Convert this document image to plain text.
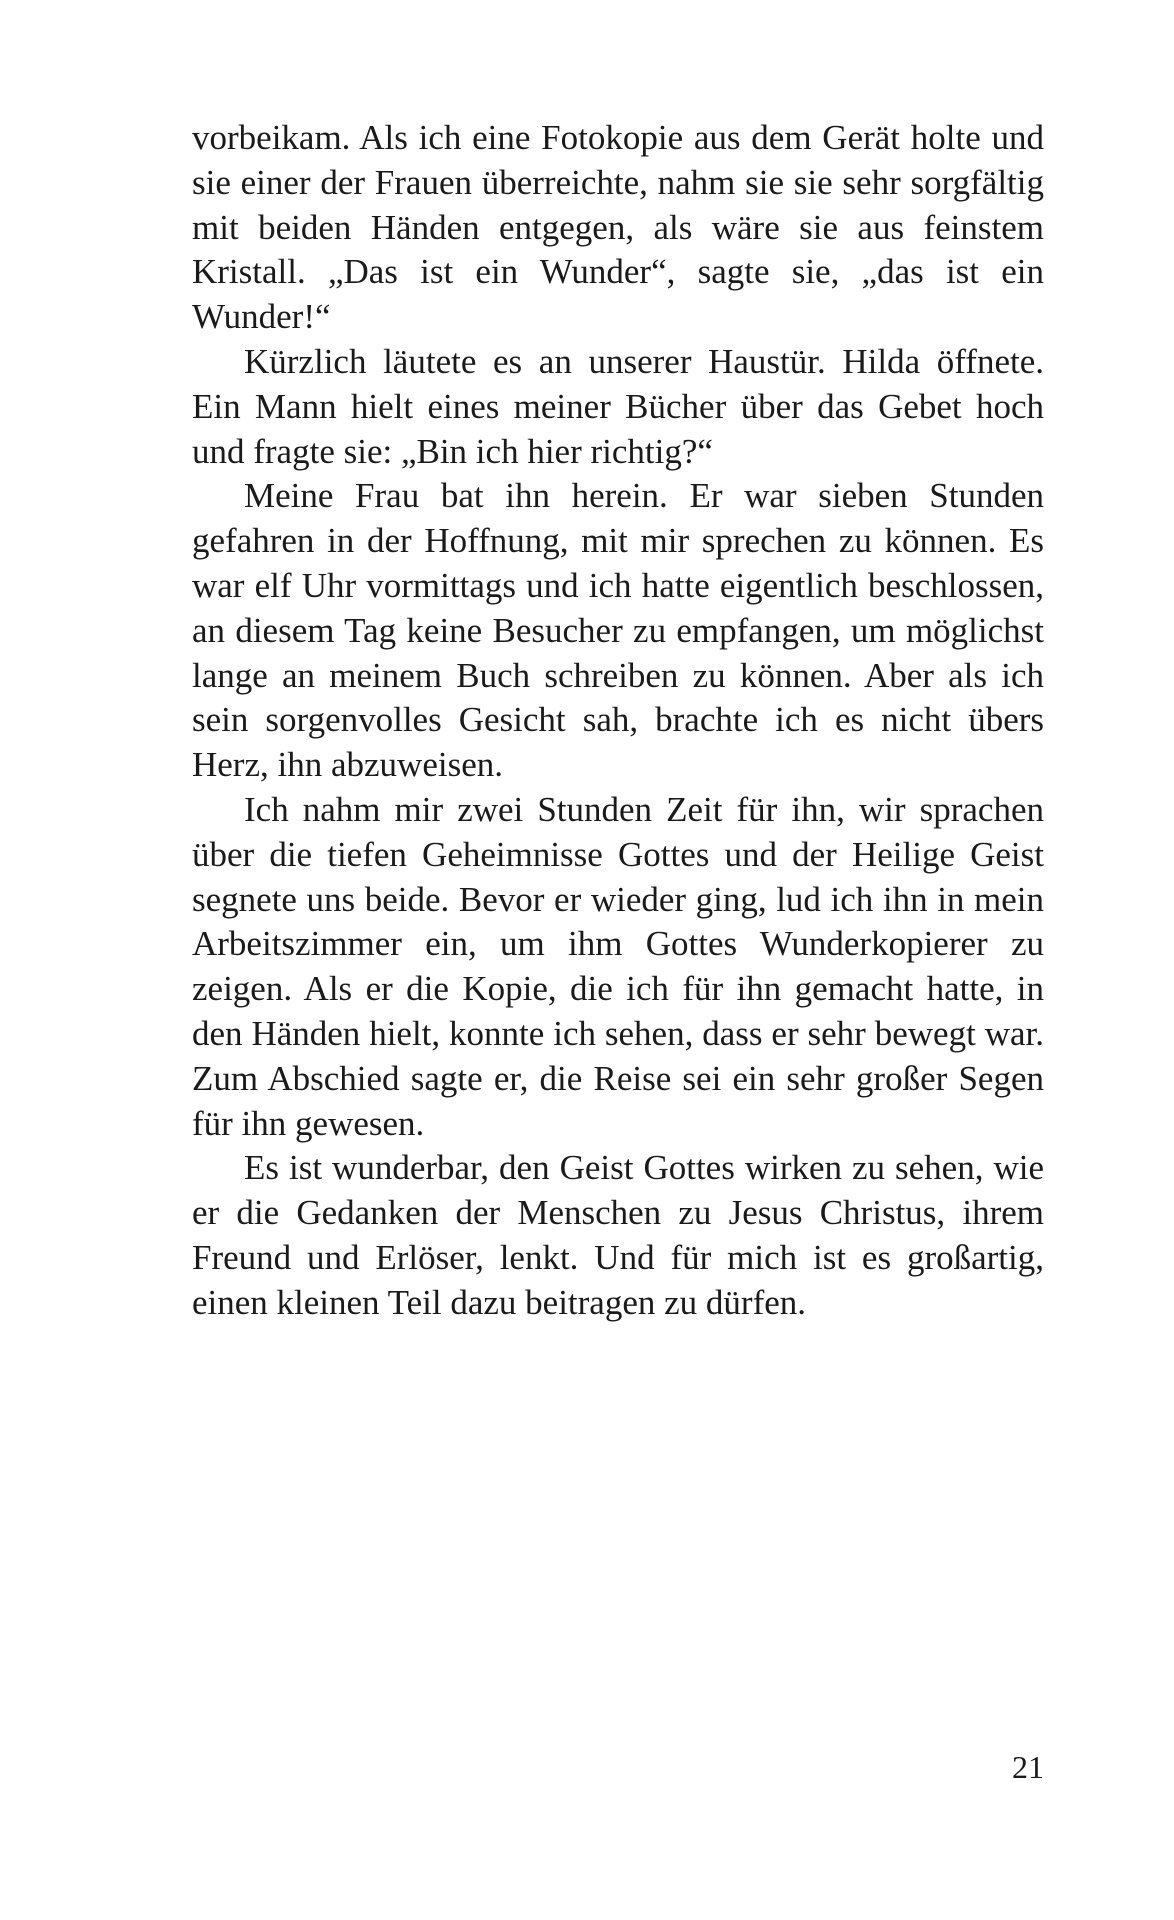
vorbeikam. Als ich eine Fotokopie aus dem Gerät holte und sie einer der Frauen überreichte, nahm sie sie sehr sorgfältig mit beiden Händen entgegen, als wäre sie aus feinstem Kristall. „Das ist ein Wunder“, sagte sie, „das ist ein Wunder!“

Kürzlich läutete es an unserer Haustür. Hilda öffnete. Ein Mann hielt eines meiner Bücher über das Gebet hoch und fragte sie: „Bin ich hier richtig?“

Meine Frau bat ihn herein. Er war sieben Stunden gefahren in der Hoffnung, mit mir sprechen zu können. Es war elf Uhr vormittags und ich hatte eigentlich beschlossen, an diesem Tag keine Besucher zu empfangen, um möglichst lange an meinem Buch schreiben zu können. Aber als ich sein sorgenvolles Gesicht sah, brachte ich es nicht übers Herz, ihn abzuweisen.

Ich nahm mir zwei Stunden Zeit für ihn, wir sprachen über die tiefen Geheimnisse Gottes und der Heilige Geist segnete uns beide. Bevor er wieder ging, lud ich ihn in mein Arbeitszimmer ein, um ihm Gottes Wunderkopierer zu zeigen. Als er die Kopie, die ich für ihn gemacht hatte, in den Händen hielt, konnte ich sehen, dass er sehr bewegt war. Zum Abschied sagte er, die Reise sei ein sehr großer Segen für ihn gewesen.

Es ist wunderbar, den Geist Gottes wirken zu sehen, wie er die Gedanken der Menschen zu Jesus Christus, ihrem Freund und Erlöser, lenkt. Und für mich ist es großartig, einen kleinen Teil dazu beitragen zu dürfen.

21
